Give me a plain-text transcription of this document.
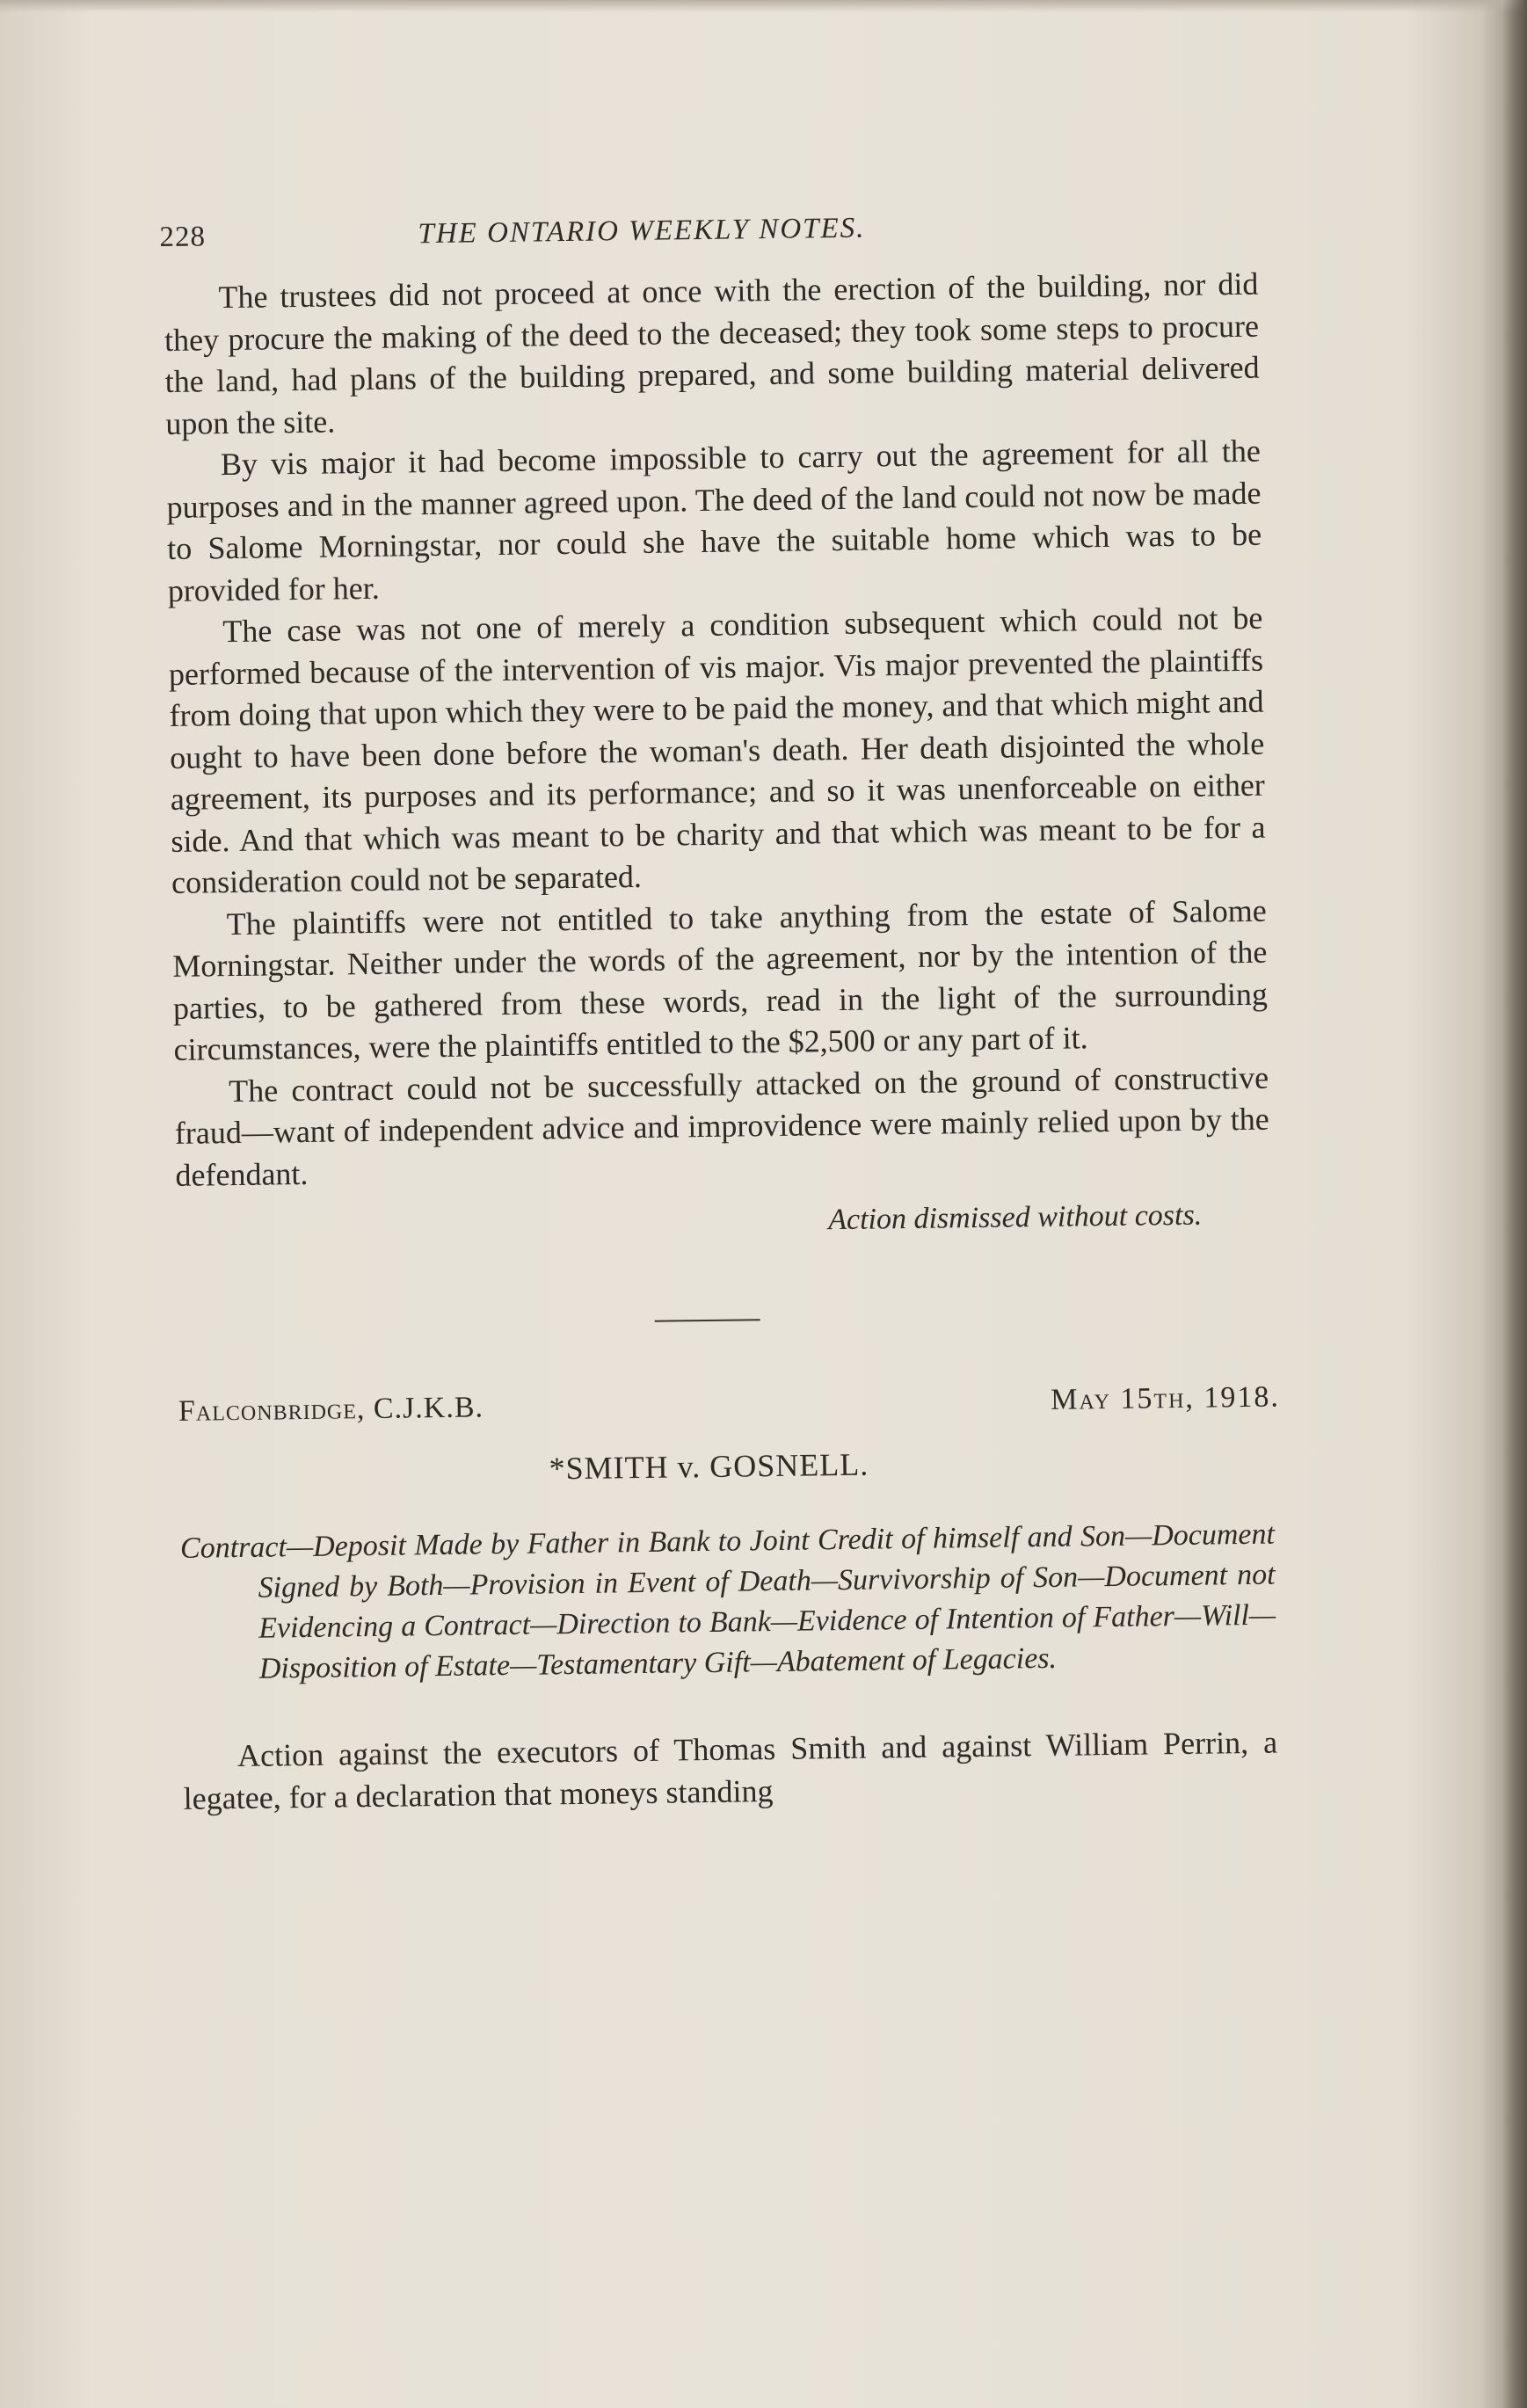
228	THE ONTARIO WEEKLY NOTES.

The trustees did not proceed at once with the erection of the building, nor did they procure the making of the deed to the deceased; they took some steps to procure the land, had plans of the building prepared, and some building material delivered upon the site.

By vis major it had become impossible to carry out the agreement for all the purposes and in the manner agreed upon. The deed of the land could not now be made to Salome Morningstar, nor could she have the suitable home which was to be provided for her.

The case was not one of merely a condition subsequent which could not be performed because of the intervention of vis major. Vis major prevented the plaintiffs from doing that upon which they were to be paid the money, and that which might and ought to have been done before the woman's death. Her death disjointed the whole agreement, its purposes and its performance; and so it was unenforceable on either side. And that which was meant to be charity and that which was meant to be for a consideration could not be separated.

The plaintiffs were not entitled to take anything from the estate of Salome Morningstar. Neither under the words of the agreement, nor by the intention of the parties, to be gathered from these words, read in the light of the surrounding circumstances, were the plaintiffs entitled to the $2,500 or any part of it.

The contract could not be successfully attacked on the ground of constructive fraud—want of independent advice and improvidence were mainly relied upon by the defendant.

Action dismissed without costs.

Falconbridge, C.J.K.B.	May 15th, 1918.
*SMITH v. GOSNELL.

Contract—Deposit Made by Father in Bank to Joint Credit of himself and Son—Document Signed by Both—Provision in Event of Death—Survivorship of Son—Document not Evidencing a Contract—Direction to Bank—Evidence of Intention of Father—Will—Disposition of Estate—Testamentary Gift—Abatement of Legacies.

Action against the executors of Thomas Smith and against William Perrin, a legatee, for a declaration that moneys standing
